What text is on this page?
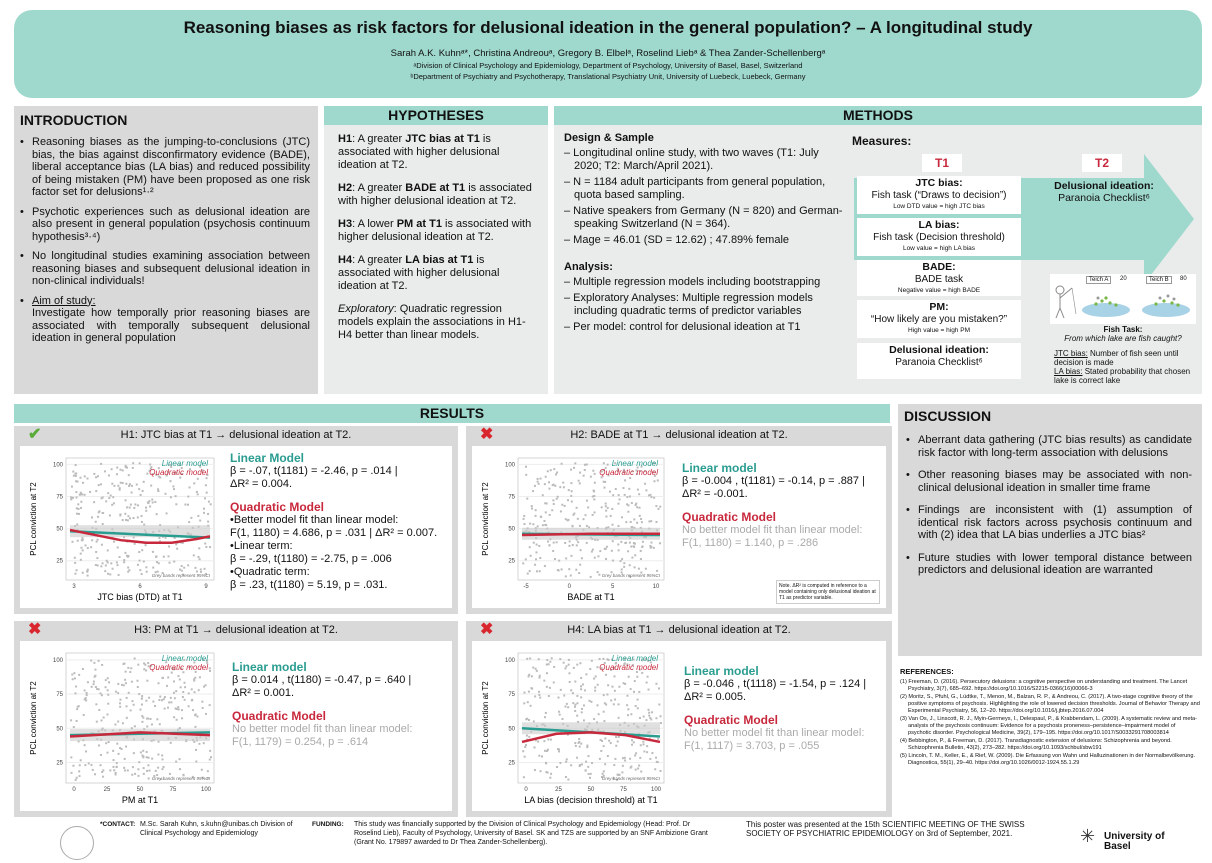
Reasoning biases as risk factors for delusional ideation in the general population? – A longitudinal study
Sarah A.K. Kuhnᵃ*, Christina Andreouᵃ, Gregory B. Elbelᵃ, Roselind Liebᵃ & Thea Zander-Schellenbergᵃ
ᵃDivision of Clinical Psychology and Epidemiology, Department of Psychology, University of Basel, Basel, Switzerland
ᵇDepartment of Psychiatry and Psychotherapy, Translational Psychiatry Unit, University of Luebeck, Luebeck, Germany
INTRODUCTION
• Reasoning biases as the jumping-to-conclusions (JTC) bias, the bias against disconfirmatory evidence (BADE), liberal acceptance bias (LA bias) and reduced possibility of being mistaken (PM) have been proposed as one risk factor set for delusions¹·²
• Psychotic experiences such as delusional ideation are also present in general population (psychosis continuum hypothesis³·⁴)
• No longitudinal studies examining association between reasoning biases and subsequent delusional ideation in non-clinical individuals!
• Aim of study:
Investigate how temporally prior reasoning biases are associated with temporally subsequent delusional ideation in general population
HYPOTHESES

H1: A greater JTC bias at T1 is associated with higher delusional ideation at T2.

H2: A greater BADE at T1 is associated with higher delusional ideation at T2.

H3: A lower PM at T1 is associated with higher delusional ideation at T2.

H4: A greater LA bias at T1 is associated with higher delusional ideation at T2.

Exploratory: Quadratic regression models explain the associations in H1-H4 better than linear models.

METHODS
Design & Sample
– Longitudinal online study, with two waves (T1: July 2020; T2: March/April 2021).
– N = 1184 adult participants from general population, quota based sampling.
– Native speakers from Germany (N = 820) and German-speaking Switzerland (N = 364).
– Mage = 46.01 (SD = 12.62) ; 47.89% female
Analysis:
– Multiple regression models including bootstrapping
– Exploratory Analyses: Multiple regression models including quadratic terms of predictor variables
– Per model: control for delusional ideation at T1
Measures:
T1	T2
JTC bias:
Fish task (“Draws to decision”)
Low DTD value = high JTC bias
LA bias:
Fish task (Decision threshold)
Low value = high LA bias
BADE:
BADE task
Negative value = high BADE
PM:
“How likely are you mistaken?”
High value = high PM
Delusional ideation:
Paranoia Checklist⁶
Delusional ideation:
Paranoia Checklist⁶
Teich A	20	Teich B	80
Fish Task:
From which lake are fish caught?
JTC bias: Number of fish seen until decision is made
LA bias: Stated probability that chosen lake is correct lake
RESULTS
H1: JTC bias at T1 → delusional ideation at T2.
✔
25
50
75
100
3	6	9
Linear model
Quadratic model
Grey bands represent 95%CI
PCL conviction at T2
JTC bias (DTD) at T1
Linear Model
β = -.07, t(1181) = -2.46, p = .014 |
ΔR² = 0.004.
Quadratic Model
•Better model fit than linear model:
F(1, 1180) = 4.686, p = .031 | ΔR² = 0.007.
•Linear term:
β = -.29, t(1180) = -2.75, p = .006
•Quadratic term:
β = .23, t(1180) = 5.19, p = .031.
H2: BADE at T1 → delusional ideation at T2.
✖
25
50
75
100
-5	0	5	10
Linear model
Quadratic model
Grey bands represent 95%CI
PCL conviction at T2
BADE at T1
Linear model
β = -0.004 , t(1181) = -0.14, p = .887 |
ΔR² = -0.001.
Quadratic Model
No better model fit than linear model:
F(1, 1180) = 1.140, p = .286
Note. ΔR² is computed in reference to a model containing only delusional ideation at T1 as predictor variable.
H3: PM at T1 → delusional ideation at T2.
✖
25
50
75
100
0	25	50	75	100
Linear model
Quadratic model
Grey bands represent 95%CI
PCL conviction at T2
PM at T1
Linear model
β = 0.014 , t(1180) = -0.47, p = .640 |
ΔR² = 0.001.
Quadratic Model
No better model fit than linear model:
F(1, 1179) = 0.254, p = .614
H4: LA bias at T1 → delusional ideation at T2.
✖
25
50
75
100
0	25	50	75	100
Linear model
Quadratic model
Grey bands represent 95%CI
PCL conviction at T2
LA bias (decision threshold) at T1
Linear model
β = -0.046 , t(1118) = -1.54, p = .124 |
ΔR² = 0.005.
Quadratic Model
No better model fit than linear model:
F(1, 1117) = 3.703, p = .055
DISCUSSION
• Aberrant data gathering (JTC bias results) as candidate risk factor with long-term association with delusions
• Other reasoning biases may be associated with non-clinical delusional ideation in smaller time frame
• Findings are inconsistent with (1) assumption of identical risk factors across psychosis continuum and with (2) idea that LA bias underlies a JTC bias²
• Future studies with lower temporal distance between predictors and delusional ideation are warranted
REFERENCES:
(1) Freeman, D. (2016). Persecutory delusions: a cognitive perspective on understanding and treatment. The Lancet Psychiatry, 3(7), 685–692. https://doi.org/10.1016/S2215-0366(16)00066-3
(2) Moritz, S., Pfuhl, G., Lüdtke, T., Menon, M., Balzan, R. P., & Andreou, C. (2017). A two-stage cognitive theory of the positive symptoms of psychosis. Highlighting the role of lowered decision thresholds. Journal of Behavior Therapy and Experimental Psychiatry, 56, 12–20. https://doi.org/10.1016/j.jbtep.2016.07.004
(3) Van Os, J., Linscott, R. J., Myin-Germeys, I., Delespaul, P., & Krabbendam, L. (2009). A systematic review and meta-analysis of the psychosis continuum: Evidence for a psychosis proneness–persistence–impairment model of psychotic disorder. Psychological Medicine, 39(2), 179–195. https://doi.org/10.1017/S0033291708003814
(4) Bebbington, P., & Freeman, D. (2017). Transdiagnostic extension of delusions: Schizophrenia and beyond. Schizophrenia Bulletin, 43(2), 273–282. https://doi.org/10.1093/schbul/sbw191
(5) Lincoln, T. M., Keller, E., & Rief, W. (2009). Die Erfassung von Wahn und Halluzinationen in der Normalbevölkerung. Diagnostica, 55(1), 29–40. https://doi.org/10.1026/0012-1924.55.1.29
*CONTACT: M.Sc. Sarah Kuhn, s.kuhn@unibas.ch Division of Clinical Psychology and Epidemiology
FUNDING:	This study was financially supported by the Division of Clinical Psychology and Epidemiology (Head: Prof. Dr Roselind Lieb), Faculty of Psychology, University of Basel. SK and TZS are supported by an SNF Ambizione Grant (Grant No. 179897 awarded to Dr Thea Zander-Schellenberg).
This poster was presented at the 15th SCIENTIFIC MEETING OF THE SWISS SOCIETY OF PSYCHIATRIC EPIDEMIOLOGY on 3rd of September, 2021.	✳ University of Basel
